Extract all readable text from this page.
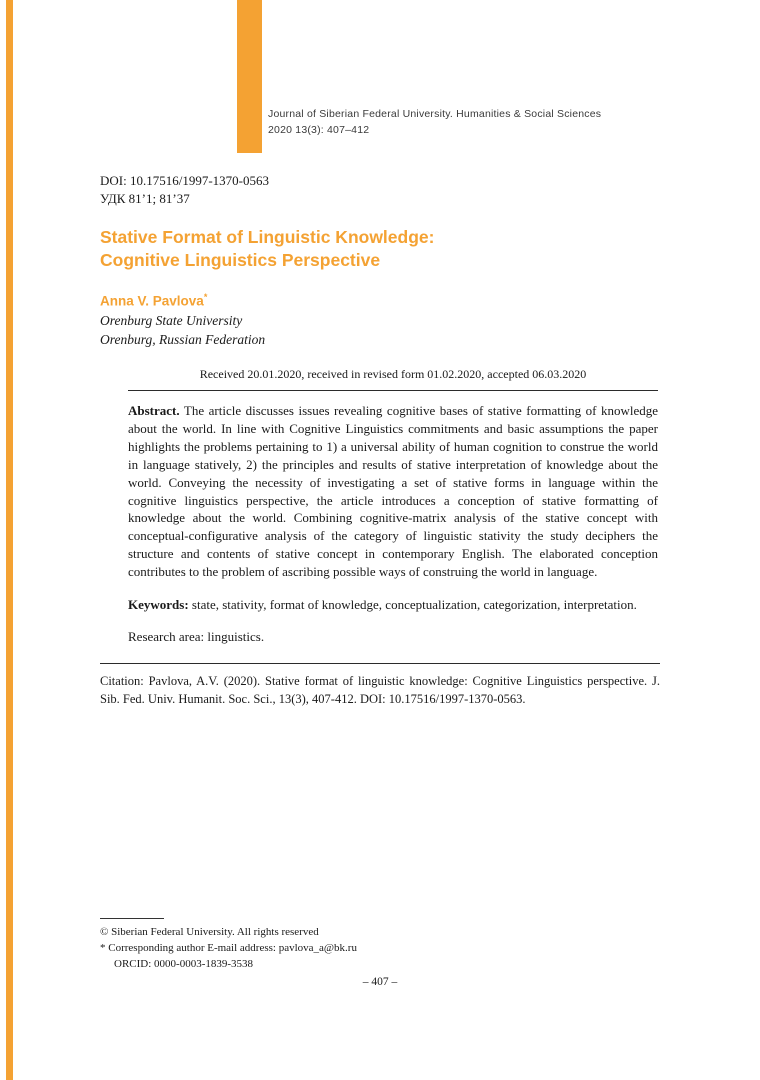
Journal of Siberian Federal University. Humanities & Social Sciences
2020 13(3): 407–412
DOI: 10.17516/1997-1370-0563
УДК 81’1; 81’37
Stative Format of Linguistic Knowledge:
Cognitive Linguistics Perspective
Anna V. Pavlova*
Orenburg State University
Orenburg, Russian Federation
Received 20.01.2020, received in revised form 01.02.2020, accepted 06.03.2020

Abstract. The article discusses issues revealing cognitive bases of stative formatting of knowledge about the world. In line with Cognitive Linguistics commitments and basic assumptions the paper highlights the problems pertaining to 1) a universal ability of human cognition to construe the world in language statively, 2) the principles and results of stative interpretation of knowledge about the world. Conveying the necessity of investigating a set of stative forms in language within the cognitive linguistics perspective, the article introduces a conception of stative formatting of knowledge about the world. Combining cognitive-matrix analysis of the stative concept with conceptual-configurative analysis of the category of linguistic stativity the study deciphers the structure and contents of stative concept in contemporary English. The elaborated conception contributes to the problem of ascribing possible ways of construing the world in language.

Keywords: state, stativity, format of knowledge, conceptualization, categorization, interpretation.

Research area: linguistics.
Citation: Pavlova, A.V. (2020). Stative format of linguistic knowledge: Cognitive Linguistics perspective. J. Sib. Fed. Univ. Humanit. Soc. Sci., 13(3), 407-412. DOI: 10.17516/1997-1370-0563.
© Siberian Federal University. All rights reserved
* Corresponding author E-mail address: pavlova_a@bk.ru
ORCID: 0000-0003-1839-3538
– 407 –
